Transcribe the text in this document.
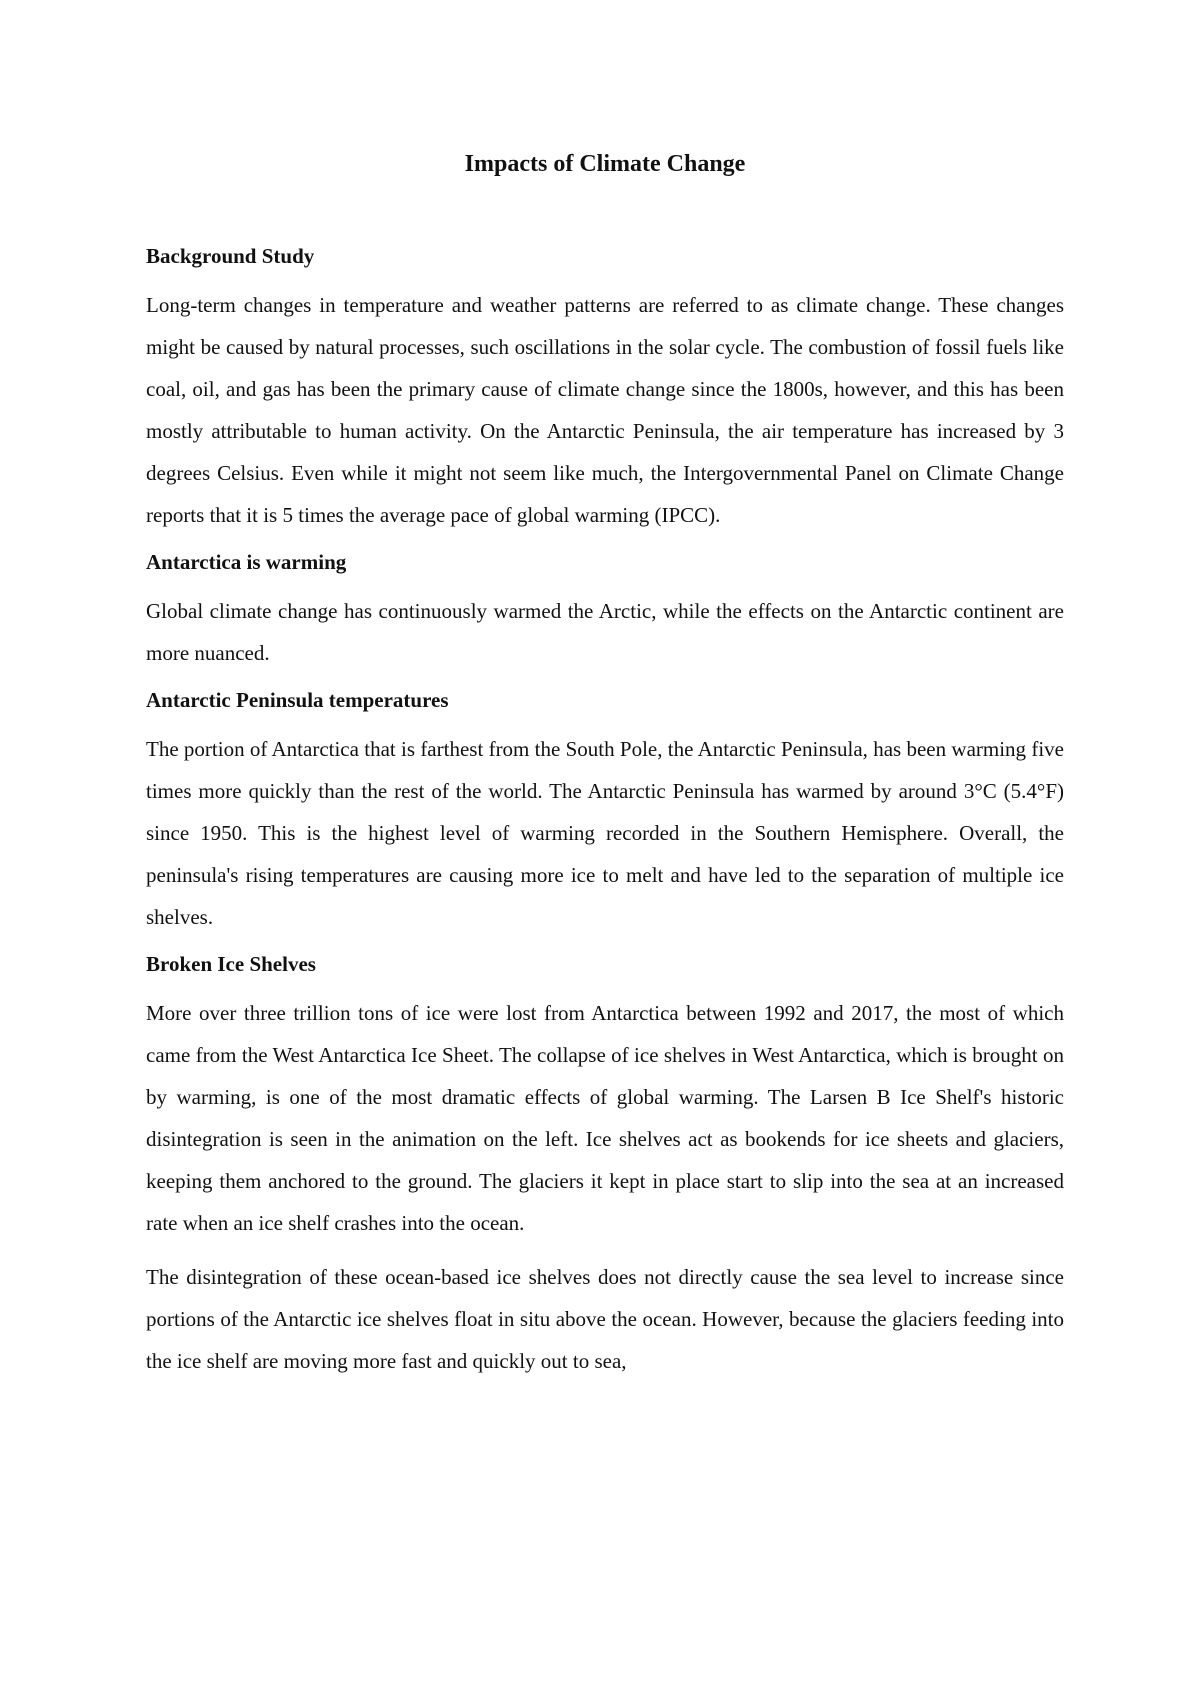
Impacts of Climate Change
Background Study

Long-term changes in temperature and weather patterns are referred to as climate change. These changes might be caused by natural processes, such oscillations in the solar cycle. The combustion of fossil fuels like coal, oil, and gas has been the primary cause of climate change since the 1800s, however, and this has been mostly attributable to human activity. On the Antarctic Peninsula, the air temperature has increased by 3 degrees Celsius. Even while it might not seem like much, the Intergovernmental Panel on Climate Change reports that it is 5 times the average pace of global warming (IPCC).

Antarctica is warming

Global climate change has continuously warmed the Arctic, while the effects on the Antarctic continent are more nuanced.

Antarctic Peninsula temperatures

The portion of Antarctica that is farthest from the South Pole, the Antarctic Peninsula, has been warming five times more quickly than the rest of the world. The Antarctic Peninsula has warmed by around 3°C (5.4°F) since 1950. This is the highest level of warming recorded in the Southern Hemisphere. Overall, the peninsula's rising temperatures are causing more ice to melt and have led to the separation of multiple ice shelves.

Broken Ice Shelves

More over three trillion tons of ice were lost from Antarctica between 1992 and 2017, the most of which came from the West Antarctica Ice Sheet. The collapse of ice shelves in West Antarctica, which is brought on by warming, is one of the most dramatic effects of global warming. The Larsen B Ice Shelf's historic disintegration is seen in the animation on the left. Ice shelves act as bookends for ice sheets and glaciers, keeping them anchored to the ground. The glaciers it kept in place start to slip into the sea at an increased rate when an ice shelf crashes into the ocean.

The disintegration of these ocean-based ice shelves does not directly cause the sea level to increase since portions of the Antarctic ice shelves float in situ above the ocean. However, because the glaciers feeding into the ice shelf are moving more fast and quickly out to sea,
